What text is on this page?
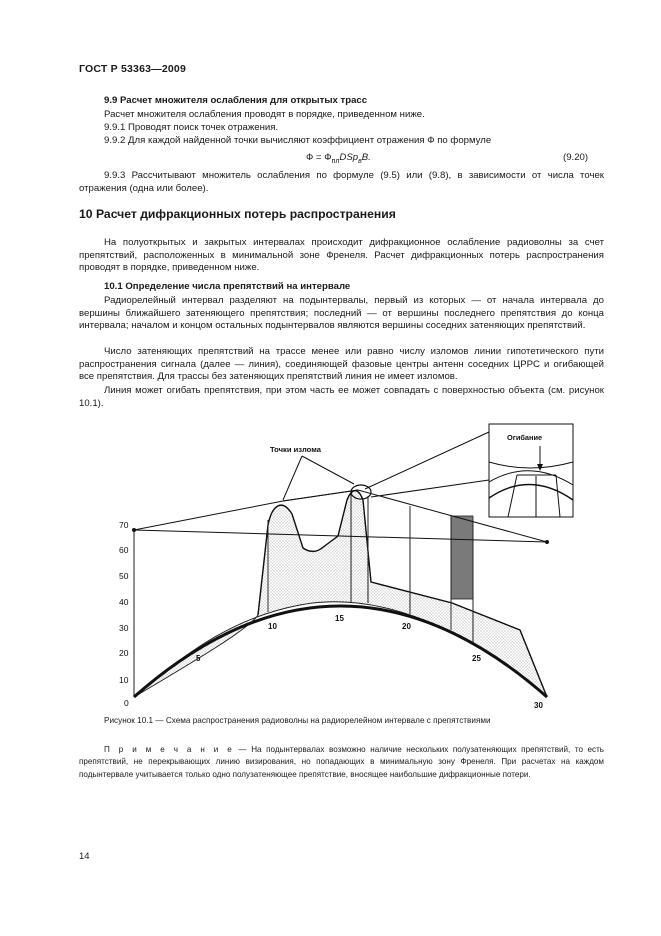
ГОСТ Р 53363—2009
9.9 Расчет множителя ослабления для открытых трасс
Расчет множителя ослабления проводят в порядке, приведенном ниже.
9.9.1 Проводят поиск точек отражения.
9.9.2 Для каждой найденной точки вычисляют коэффициент отражения Ф по формуле
$Ф = Ф_{пл}DSp_вB$.	(9.20)
9.9.3 Рассчитывают множитель ослабления по формуле (9.5) или (9.8), в зависимости от числа точек отражения (одна или более).
10 Расчет дифракционных потерь распространения
На полуоткрытых и закрытых интервалах происходит дифракционное ослабление радиоволны за счет препятствий, расположенных в минимальной зоне Френеля. Расчет дифракционных потерь распространения проводят в порядке, приведенном ниже.
10.1 Определение числа препятствий на интервале
Радиорелейный интервал разделяют на подынтервалы, первый из которых — от начала интервала до вершины ближайшего затеняющего препятствия; последний — от вершины последнего препятствия до конца интервала; началом и концом остальных подынтервалов являются вершины соседних затеняющих препятствий.
Число затеняющих препятствий на трассе менее или равно числу изломов линии гипотетического пути распространения сигнала (далее — линия), соединяющей фазовые центры антенн соседних ЦРРС и огибающей все препятствия. Для трассы без затеняющих препятствий линия не имеет изломов.
Линия может огибать препятствия, при этом часть ее может совпадать с поверхностью объекта (см. рисунок 10.1).
70
60
50
40
30
20
10
0
5
10
15
20
25
30
Точки излома
Огибание
Рисунок 10.1 — Схема распространения радиоволны на радиорелейном интервале с препятствиями
П р и м е ч а н и е — На подынтервалах возможно наличие нескольких полузатеняющих препятствий, то есть препятствий, не перекрывающих линию визирования, но попадающих в минимальную зону Френеля. При расчетах на каждом подынтервале учитывается только одно полузатеняющее препятствие, вносящее наибольшие дифракционные потери.
14
